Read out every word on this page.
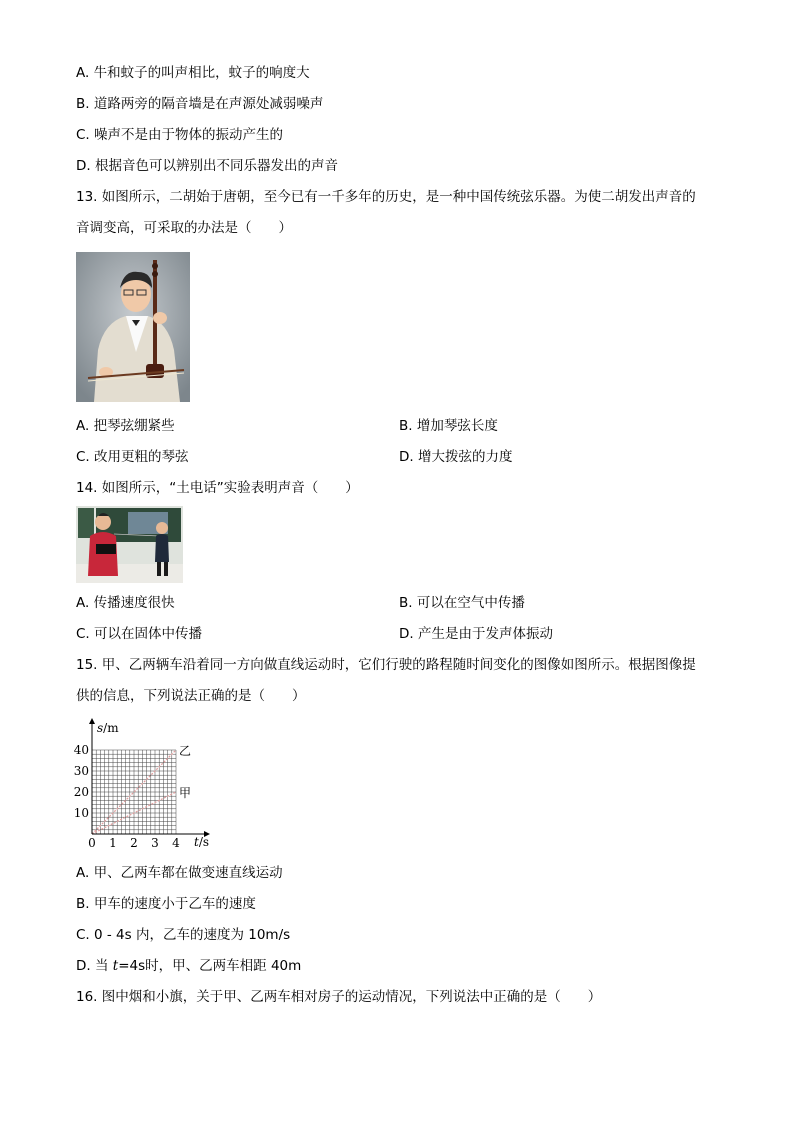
A. 牛和蚊子的叫声相比，蚊子的响度大
B. 道路两旁的隔音墙是在声源处减弱噪声
C. 噪声不是由于物体的振动产生的
D. 根据音色可以辨别出不同乐器发出的声音
13. 如图所示，二胡始于唐朝，至今已有一千多年的历史，是一种中国传统弦乐器。为使二胡发出声音的
音调变高，可采取的办法是（　　）
A. 把琴弦绷紧些	B. 增加琴弦长度
C. 改用更粗的琴弦	D. 增大拨弦的力度
14. 如图所示，“土电话”实验表明声音（　　）
A. 传播速度很快	B. 可以在空气中传播
C. 可以在固体中传播	D. 产生是由于发声体振动
15. 甲、乙两辆车沿着同一方向做直线运动时，它们行驶的路程随时间变化的图像如图所示。根据图像提
供的信息，下列说法正确的是（　　）
s/m
t/s
0 1 2 3 4
10
20
30
40	乙
甲
A. 甲、乙两车都在做变速直线运动
B. 甲车的速度小于乙车的速度
C. 0 - 4s 内，乙车的速度为 10m/s
D. 当 t=4s时，甲、乙两车相距 40m
16. 图中烟和小旗，关于甲、乙两车相对房子的运动情况，下列说法中正确的是（　　）
